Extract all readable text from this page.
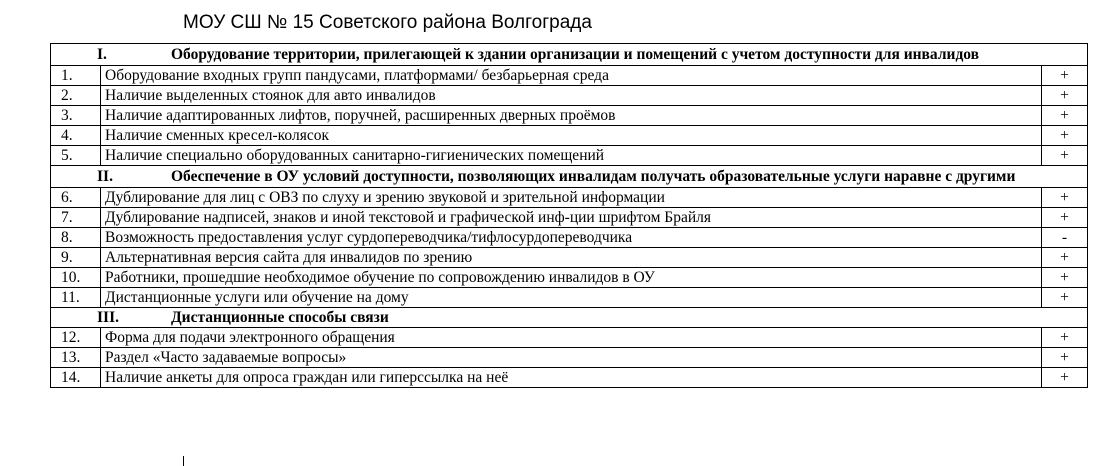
МОУ СШ № 15 Советского района Волгограда
I. Оборудование территории, прилегающей к здании организации и помещений с учетом доступности для инвалидов		

1.	Оборудование входных групп пандусами, платформами/ безбарьерная среда	+
2.	Наличие выделенных стоянок для авто инвалидов	+
3.	Наличие адаптированных лифтов, поручней, расширенных дверных проёмов	+
4.	Наличие сменных кресел-колясок	+
5.	Наличие специально оборудованных санитарно-гигиенических помещений	+

II. Обеспечение в ОУ условий доступности, позволяющих инвалидам получать образовательные услуги наравне с другими		

6.	Дублирование для лиц с ОВЗ по слуху и зрению звуковой и зрительной информации	+
7.	Дублирование надписей, знаков и иной текстовой и графической инф-ции шрифтом Брайля	+
8.	Возможность предоставления услуг сурдопереводчика/тифлосурдопереводчика	-
9.	Альтернативная версия сайта для инвалидов по зрению	+
10.	Работники, прошедшие необходимое обучение по сопровождению инвалидов в ОУ	+
11.	Дистанционные услуги или обучение на дому	+

III. Дистанционные способы связи		

12.	Форма для подачи электронного обращения	+
13.	Раздел «Часто задаваемые вопросы»	+
14.	Наличие анкеты для опроса граждан или гиперссылка на неё	+
